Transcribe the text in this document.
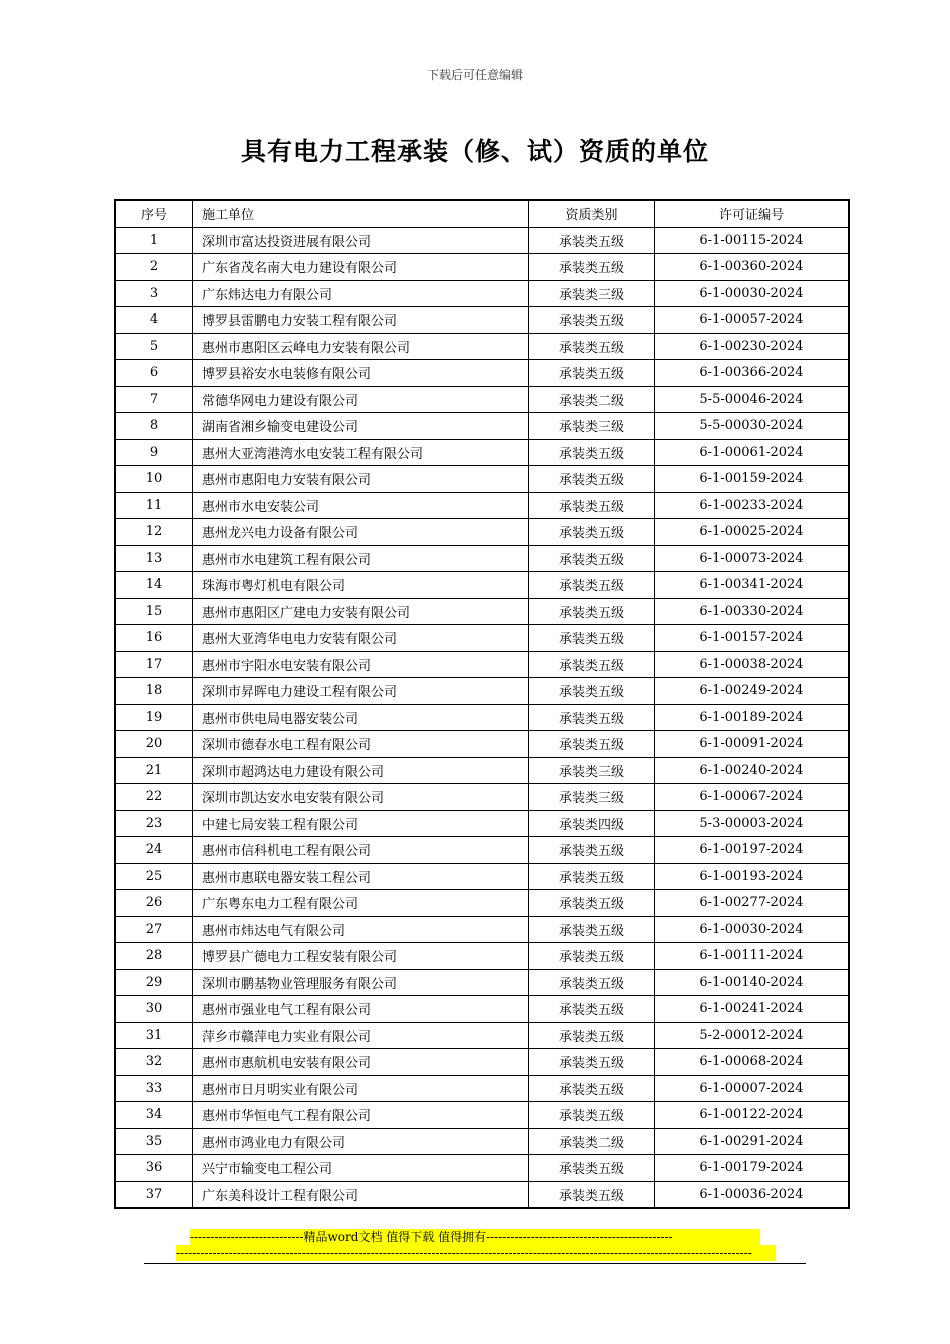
下载后可任意编辑
具有电力工程承装（修、试）资质的单位
序号	施工单位	资质类别	许可证编号
1	深圳市富达投资进展有限公司	承装类五级	6-1-00115-2024
2	广东省茂名南大电力建设有限公司	承装类五级	6-1-00360-2024
3	广东炜达电力有限公司	承装类三级	6-1-00030-2024
4	博罗县雷鹏电力安装工程有限公司	承装类五级	6-1-00057-2024
5	惠州市惠阳区云峰电力安装有限公司	承装类五级	6-1-00230-2024
6	博罗县裕安水电装修有限公司	承装类五级	6-1-00366-2024
7	常德华网电力建设有限公司	承装类二级	5-5-00046-2024
8	湖南省湘乡输变电建设公司	承装类三级	5-5-00030-2024
9	惠州大亚湾港湾水电安装工程有限公司	承装类五级	6-1-00061-2024
10	惠州市惠阳电力安装有限公司	承装类五级	6-1-00159-2024
11	惠州市水电安装公司	承装类五级	6-1-00233-2024
12	惠州龙兴电力设备有限公司	承装类五级	6-1-00025-2024
13	惠州市水电建筑工程有限公司	承装类五级	6-1-00073-2024
14	珠海市粤灯机电有限公司	承装类五级	6-1-00341-2024
15	惠州市惠阳区广建电力安装有限公司	承装类五级	6-1-00330-2024
16	惠州大亚湾华电电力安装有限公司	承装类五级	6-1-00157-2024
17	惠州市宇阳水电安装有限公司	承装类五级	6-1-00038-2024
18	深圳市昇晖电力建设工程有限公司	承装类五级	6-1-00249-2024
19	惠州市供电局电器安装公司	承装类五级	6-1-00189-2024
20	深圳市德春水电工程有限公司	承装类五级	6-1-00091-2024
21	深圳市超鸿达电力建设有限公司	承装类三级	6-1-00240-2024
22	深圳市凯达安水电安装有限公司	承装类三级	6-1-00067-2024
23	中建七局安装工程有限公司	承装类四级	5-3-00003-2024
24	惠州市信科机电工程有限公司	承装类五级	6-1-00197-2024
25	惠州市惠联电器安装工程公司	承装类五级	6-1-00193-2024
26	广东粤东电力工程有限公司	承装类五级	6-1-00277-2024
27	惠州市炜达电气有限公司	承装类五级	6-1-00030-2024
28	博罗县广德电力工程安装有限公司	承装类五级	6-1-00111-2024
29	深圳市鹏基物业管理服务有限公司	承装类五级	6-1-00140-2024
30	惠州市强业电气工程有限公司	承装类五级	6-1-00241-2024
31	萍乡市赣萍电力实业有限公司	承装类五级	5-2-00012-2024
32	惠州市惠航机电安装有限公司	承装类五级	6-1-00068-2024
33	惠州市日月明实业有限公司	承装类五级	6-1-00007-2024
34	惠州市华恒电气工程有限公司	承装类五级	6-1-00122-2024
35	惠州市鸿业电力有限公司	承装类二级	6-1-00291-2024
36	兴宁市输变电工程公司	承装类五级	6-1-00179-2024
37	广东美科设计工程有限公司	承装类五级	6-1-00036-2024
----------------------------精品word文档 值得下载 值得拥有----------------------------------------------
----------------------------------------------------------------------------------------------------------------------------------------------
